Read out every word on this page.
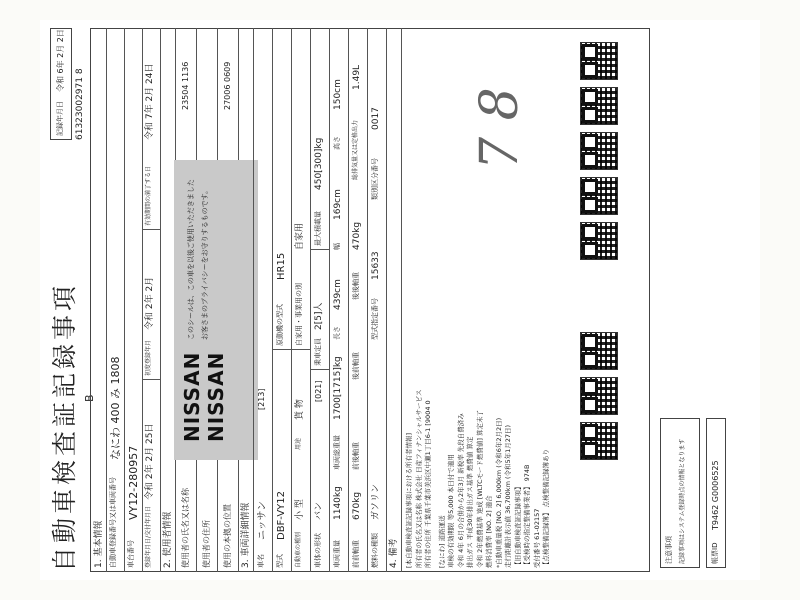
自動車検査証記録事項 B
記録年月日
令和 6年 2月 2日
61323002971 8
1. 基本情報 自動車登録番号又は車両番号
なにわ 400 み 1808
車台番号
VY12-280957
登録年月日/交付年月日
令和 2年 2月 25日
初度登録年月
令和 2年 2月
有効期間の満了する日
令和 7年 2月 24日
2. 使用者情報 使用者の氏名又は名称
23504 1136
使用者の住所 使用の本拠の位置
27006 0609
NISSAN NISSAN
このシールは、この車を以後ご使用いただきました お客さまのプライバシーをお守りするものです。
3. 車両詳細情報 車名
ニッサン
[213]
型式
DBF-VY12
原動機の型式
HR15
自動車の種別
小 型
用途
貨 物
自家用・事業用の別
自家用
車体の形状
バン
[021]
乗車定員
2[5]人
最大積載量
450[300]kg
車両重量
1140kg
車両総重量
1700[1715]kg
長さ
439cm
幅
169cm
高さ
150cm
前前軸重
670kg
前後軸重
後前軸重
後後軸重
470kg
総排気量又は定格出力
1.49L
燃料の種類
ガソリン
型式指定番号
15633
類別区分番号
0017
4. 備考 [本自動車検査証記録事項における所有者情報] 所有者の氏名又は名称 株式会社 日産フィナンシャルサービス 所有者の住所 千葉県千葉市美浜区中瀬1丁目6-1 [9004 0 [なにわ] 道路運送 車検の有効期限 等5,000 本日付で適用 令和 4年 6月の合併から2年3月 新税率 先段自費済み 排出ガス 平成30年排出ガス基準 燃費値 算定 令和 2年燃費基準 達成 [WLTCモード燃費値] 算定未了 燃料消費率 [NO. 2] 適合 *自動車重量税 [NO. 2] 6,000km (令和6年2月2日) 走行距離計表示値 36,700km (令和5年1月27日) 【旧自動車検査証記録事項】 【受検時の指定整備事業者】 974B 受付番号 61-02157 【点検整備記録簿】 点検整備記録簿あり
7 8
注意事項 記録事項はシステム登録時点の情報となります	帳票ID
T9462 G0006525
